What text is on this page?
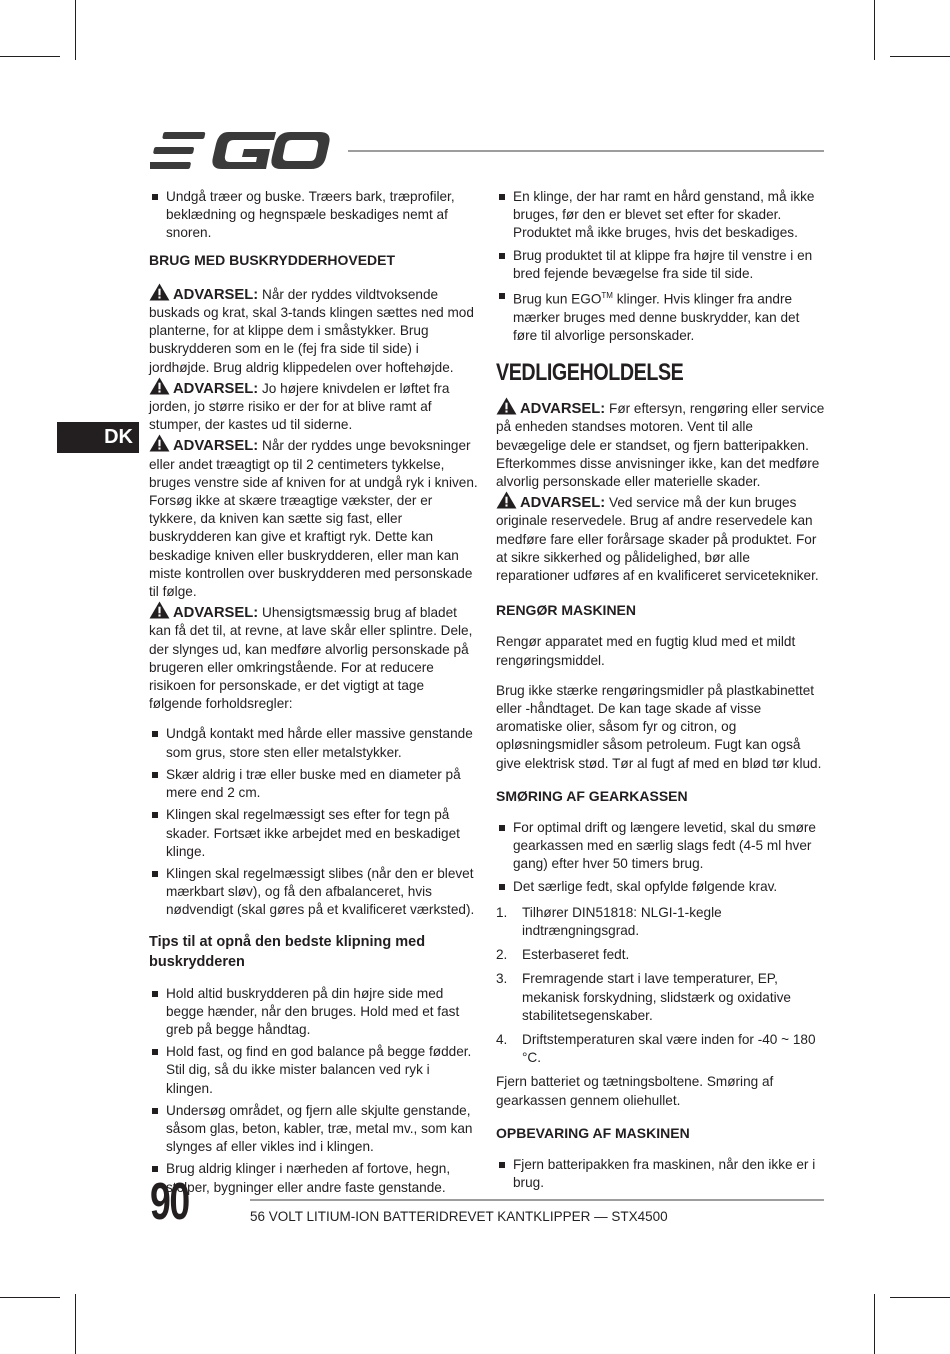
DK
Undgå træer og buske. Træers bark, træprofiler, beklædning og hegnspæle beskadiges nemt af snoren.
BRUG MED BUSKRYDDERHOVEDET

ADVARSEL: Når der ryddes vildtvoksende buskads og krat, skal 3-tands klingen sættes ned mod planterne, for at klippe dem i småstykker. Brug buskrydderen som en le (fej fra side til side) i jordhøjde. Brug aldrig klippedelen over hoftehøjde.

ADVARSEL: Jo højere knivdelen er løftet fra jorden, jo større risiko er der for at blive ramt af stumper, der kastes ud til siderne.

ADVARSEL: Når der ryddes unge bevoksninger eller andet træagtigt op til 2 centimeters tykkelse, bruges venstre side af kniven for at undgå ryk i kniven. Forsøg ikke at skære træagtige vækster, der er tykkere, da kniven kan sætte sig fast, eller buskrydderen kan give et kraftigt ryk. Dette kan beskadige kniven eller buskrydderen, eller man kan miste kontrollen over buskrydderen med personskade til følge.

ADVARSEL: Uhensigtsmæssig brug af bladet kan få det til, at revne, at lave skår eller splintre. Dele, der slynges ud, kan medføre alvorlig personskade på brugeren eller omkringstående. For at reducere risikoen for personskade, er det vigtigt at tage følgende forholdsregler:

Undgå kontakt med hårde eller massive genstande som grus, store sten eller metalstykker.
Skær aldrig i træ eller buske med en diameter på mere end 2 cm.
Klingen skal regelmæssigt ses efter for tegn på skader. Fortsæt ikke arbejdet med en beskadiget klinge.
Klingen skal regelmæssigt slibes (når den er blevet mærkbart sløv), og få den afbalanceret, hvis nødvendigt (skal gøres på et kvalificeret værksted).
Tips til at opnå den bedste klipning med buskrydderen
Hold altid buskrydderen på din højre side med begge hænder, når den bruges. Hold med et fast greb på begge håndtag.
Hold fast, og find en god balance på begge fødder. Stil dig, så du ikke mister balancen ved ryk i klingen.
Undersøg området, og fjern alle skjulte genstande, såsom glas, beton, kabler, træ, metal mv., som kan slynges af eller vikles ind i klingen.
Brug aldrig klinger i nærheden af fortove, hegn, stolper, bygninger eller andre faste genstande.
En klinge, der har ramt en hård genstand, må ikke bruges, før den er blevet set efter for skader. Produktet må ikke bruges, hvis det beskadiges.
Brug produktet til at klippe fra højre til venstre i en bred fejende bevægelse fra side til side.
Brug kun EGO™ klinger. Hvis klinger fra andre mærker bruges med denne buskrydder, kan det føre til alvorlige personskader.
VEDLIGEHOLDELSE

ADVARSEL: Før eftersyn, rengøring eller service på enheden standses motoren. Vent til alle bevægelige dele er standset, og fjern batteripakken. Efterkommes disse anvisninger ikke, kan det medføre alvorlig personskade eller materielle skader.

ADVARSEL: Ved service må der kun bruges originale reservedele. Brug af andre reservedele kan medføre fare eller forårsage skader på produktet. For at sikre sikkerhed og pålidelighed, bør alle reparationer udføres af en kvalificeret servicetekniker.

RENGØR MASKINEN

Rengør apparatet med en fugtig klud med et mildt rengøringsmiddel.

Brug ikke stærke rengøringsmidler på plastkabinettet eller -håndtaget. De kan tage skade af visse aromatiske olier, såsom fyr og citron, og opløsningsmidler såsom petroleum. Fugt kan også give elektrisk stød. Tør al fugt af med en blød tør klud.

SMØRING AF GEARKASSEN
For optimal drift og længere levetid, skal du smøre gearkassen med en særlig slags fedt (4-5 ml hver gang) efter hver 50 timers brug.
Det særlige fedt, skal opfylde følgende krav.
1. Tilhører DIN51818: NLGI-1-kegle indtrængningsgrad.
2. Esterbaseret fedt.
3. Fremragende start i lave temperaturer, EP, mekanisk forskydning, slidstærk og oxidative stabilitetsegenskaber.
4. Driftstemperaturen skal være inden for -40 ~ 180 °C.

Fjern batteriet og tætningsboltene. Smøring af gearkassen gennem oliehullet.

OPBEVARING AF MASKINEN
Fjern batteripakken fra maskinen, når den ikke er i brug.
90	56 VOLT LITIUM-ION BATTERIDREVET KANTKLIPPER — STX4500
